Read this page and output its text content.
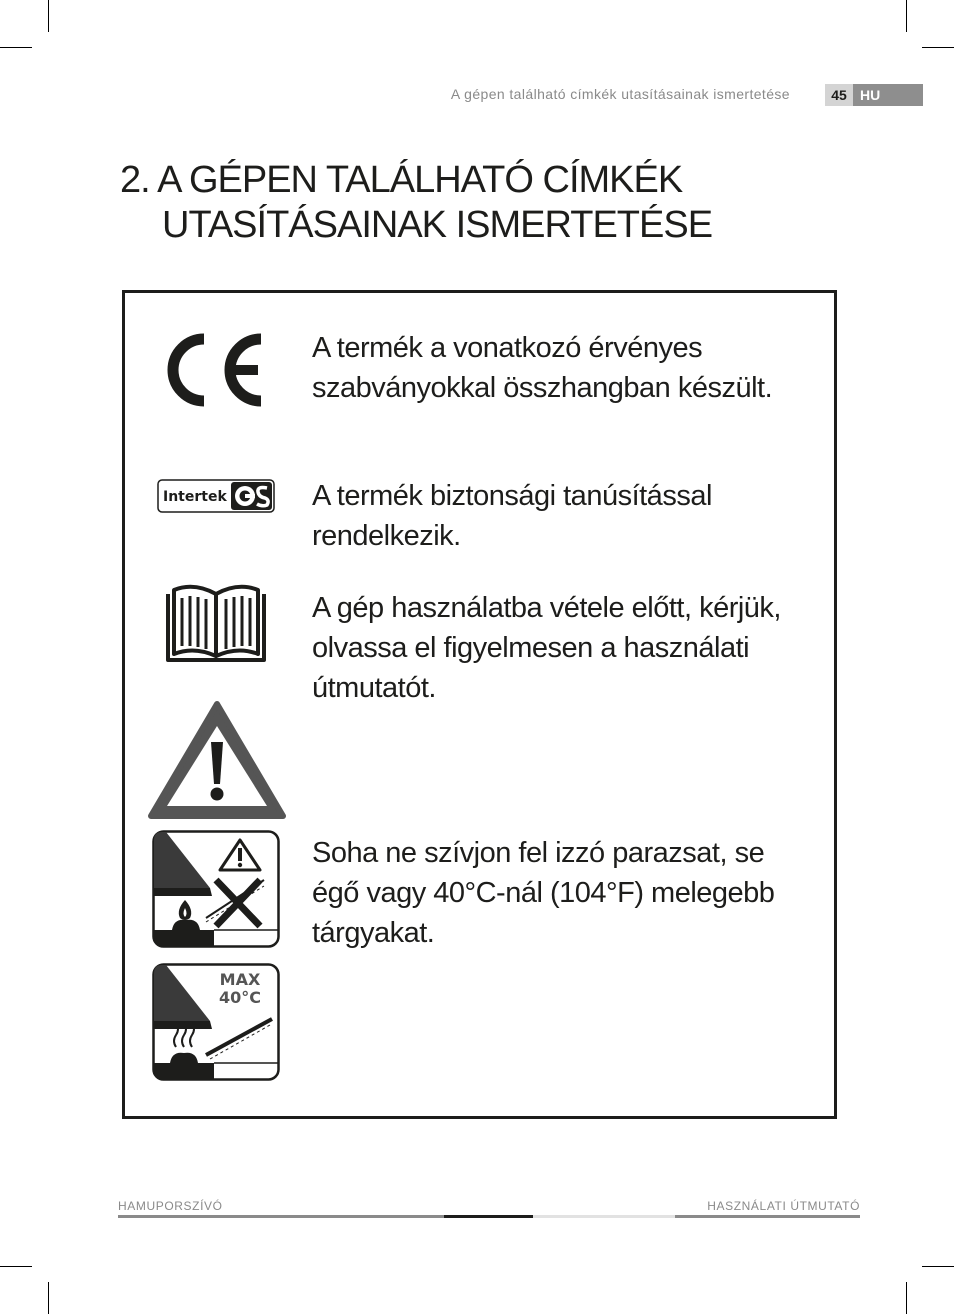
A gépen található címkék utasításainak ismertetése	45 HU
2. A GÉPEN TALÁLHATÓ CÍMKÉK
UTASÍTÁSAINAK ISMERTETÉSE

A termék a vonatkozó érvényes szabványokkal összhangban készült.

Intertek	A termék biztonsági tanúsítással rendelkezik.

A gép használatba vétele előtt, kérjük, olvassa el figyelmesen a használati útmutatót.

Soha ne szívjon fel izzó parazsat, se égő vagy 40°C-nál (104°F) melegebb tárgyakat.

MAX
40°C
HAMUPORSZÍVÓ	HASZNÁLATI ÚTMUTATÓ
